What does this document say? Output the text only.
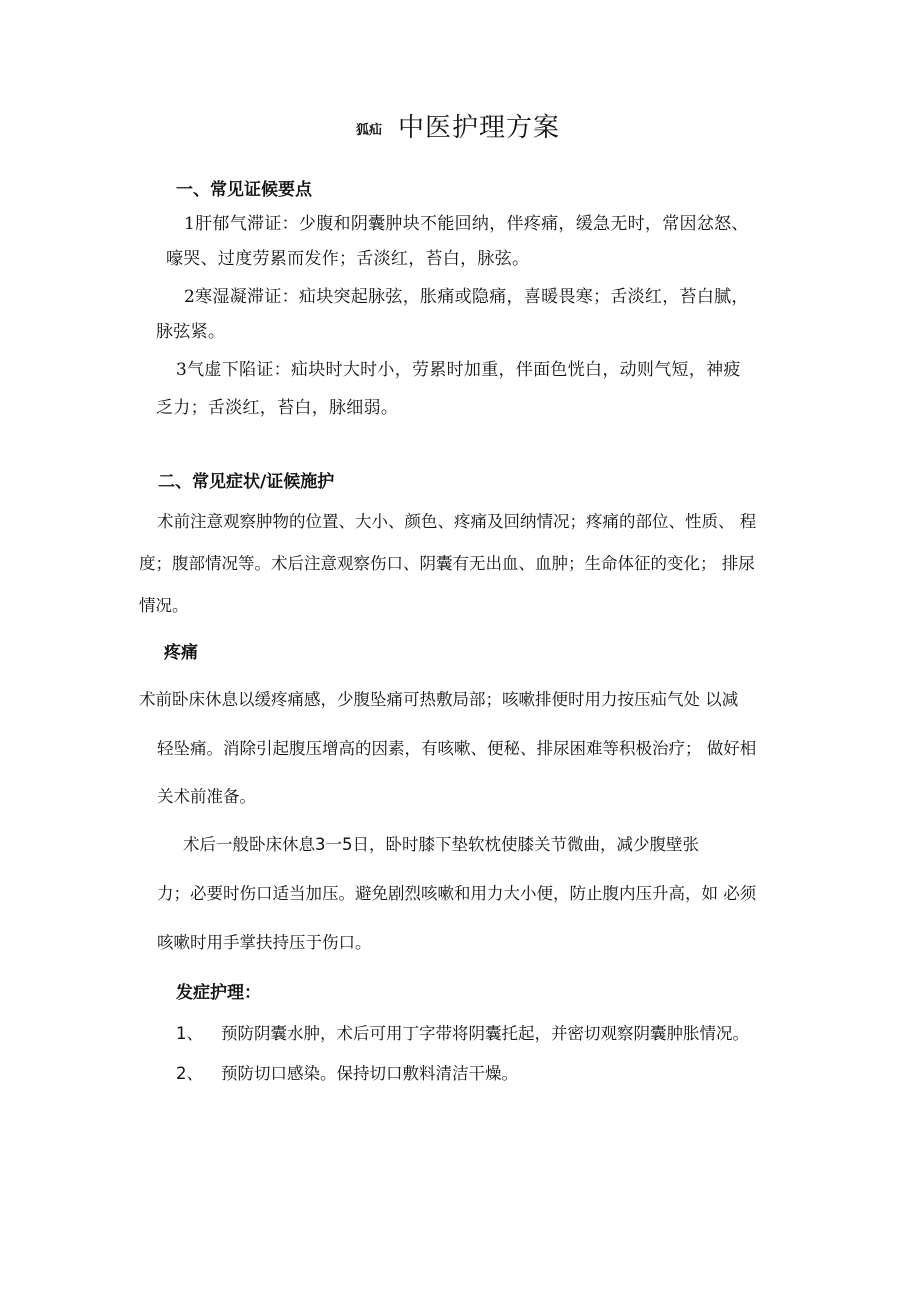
狐疝 中医护理方案
一、常见证候要点
1肝郁气滞证：少腹和阴囊肿块不能回纳，伴疼痛，缓急无时，常因忿怒、
嚎哭、过度劳累而发作；舌淡红，苔白，脉弦。
2寒湿凝滞证：疝块突起脉弦，胀痛或隐痛，喜暖畏寒；舌淡红，苔白腻，
脉弦紧。
3气虚下陷证：疝块时大时小，劳累时加重，伴面色恍白，动则气短，神疲
乏力；舌淡红，苔白，脉细弱。
二、常见症状/证候施护
术前注意观察肿物的位置、大小、颜色、疼痛及回纳情况；疼痛的部位、性质、 程
度；腹部情况等。术后注意观察伤口、阴囊有无出血、血肿；生命体征的变化； 排尿
情况。
疼痛
术前卧床休息以缓疼痛感，少腹坠痛可热敷局部；咳嗽排便时用力按压疝气处 以减
轻坠痛。消除引起腹压增高的因素，有咳嗽、便秘、排尿困难等积极治疗； 做好相
关术前准备。
术后一般卧床休息3一5日，卧时膝下垫软枕使膝关节微曲，减少腹壁张
力；必要时伤口适当加压。避免剧烈咳嗽和用力大小便，防止腹内压升高，如 必须
咳嗽时用手掌扶持压于伤口。
发症护理：
1、 预防阴囊水肿，术后可用丁字带将阴囊托起，并密切观察阴囊肿胀情况。
2、 预防切口感染。保持切口敷料清洁干燥。
